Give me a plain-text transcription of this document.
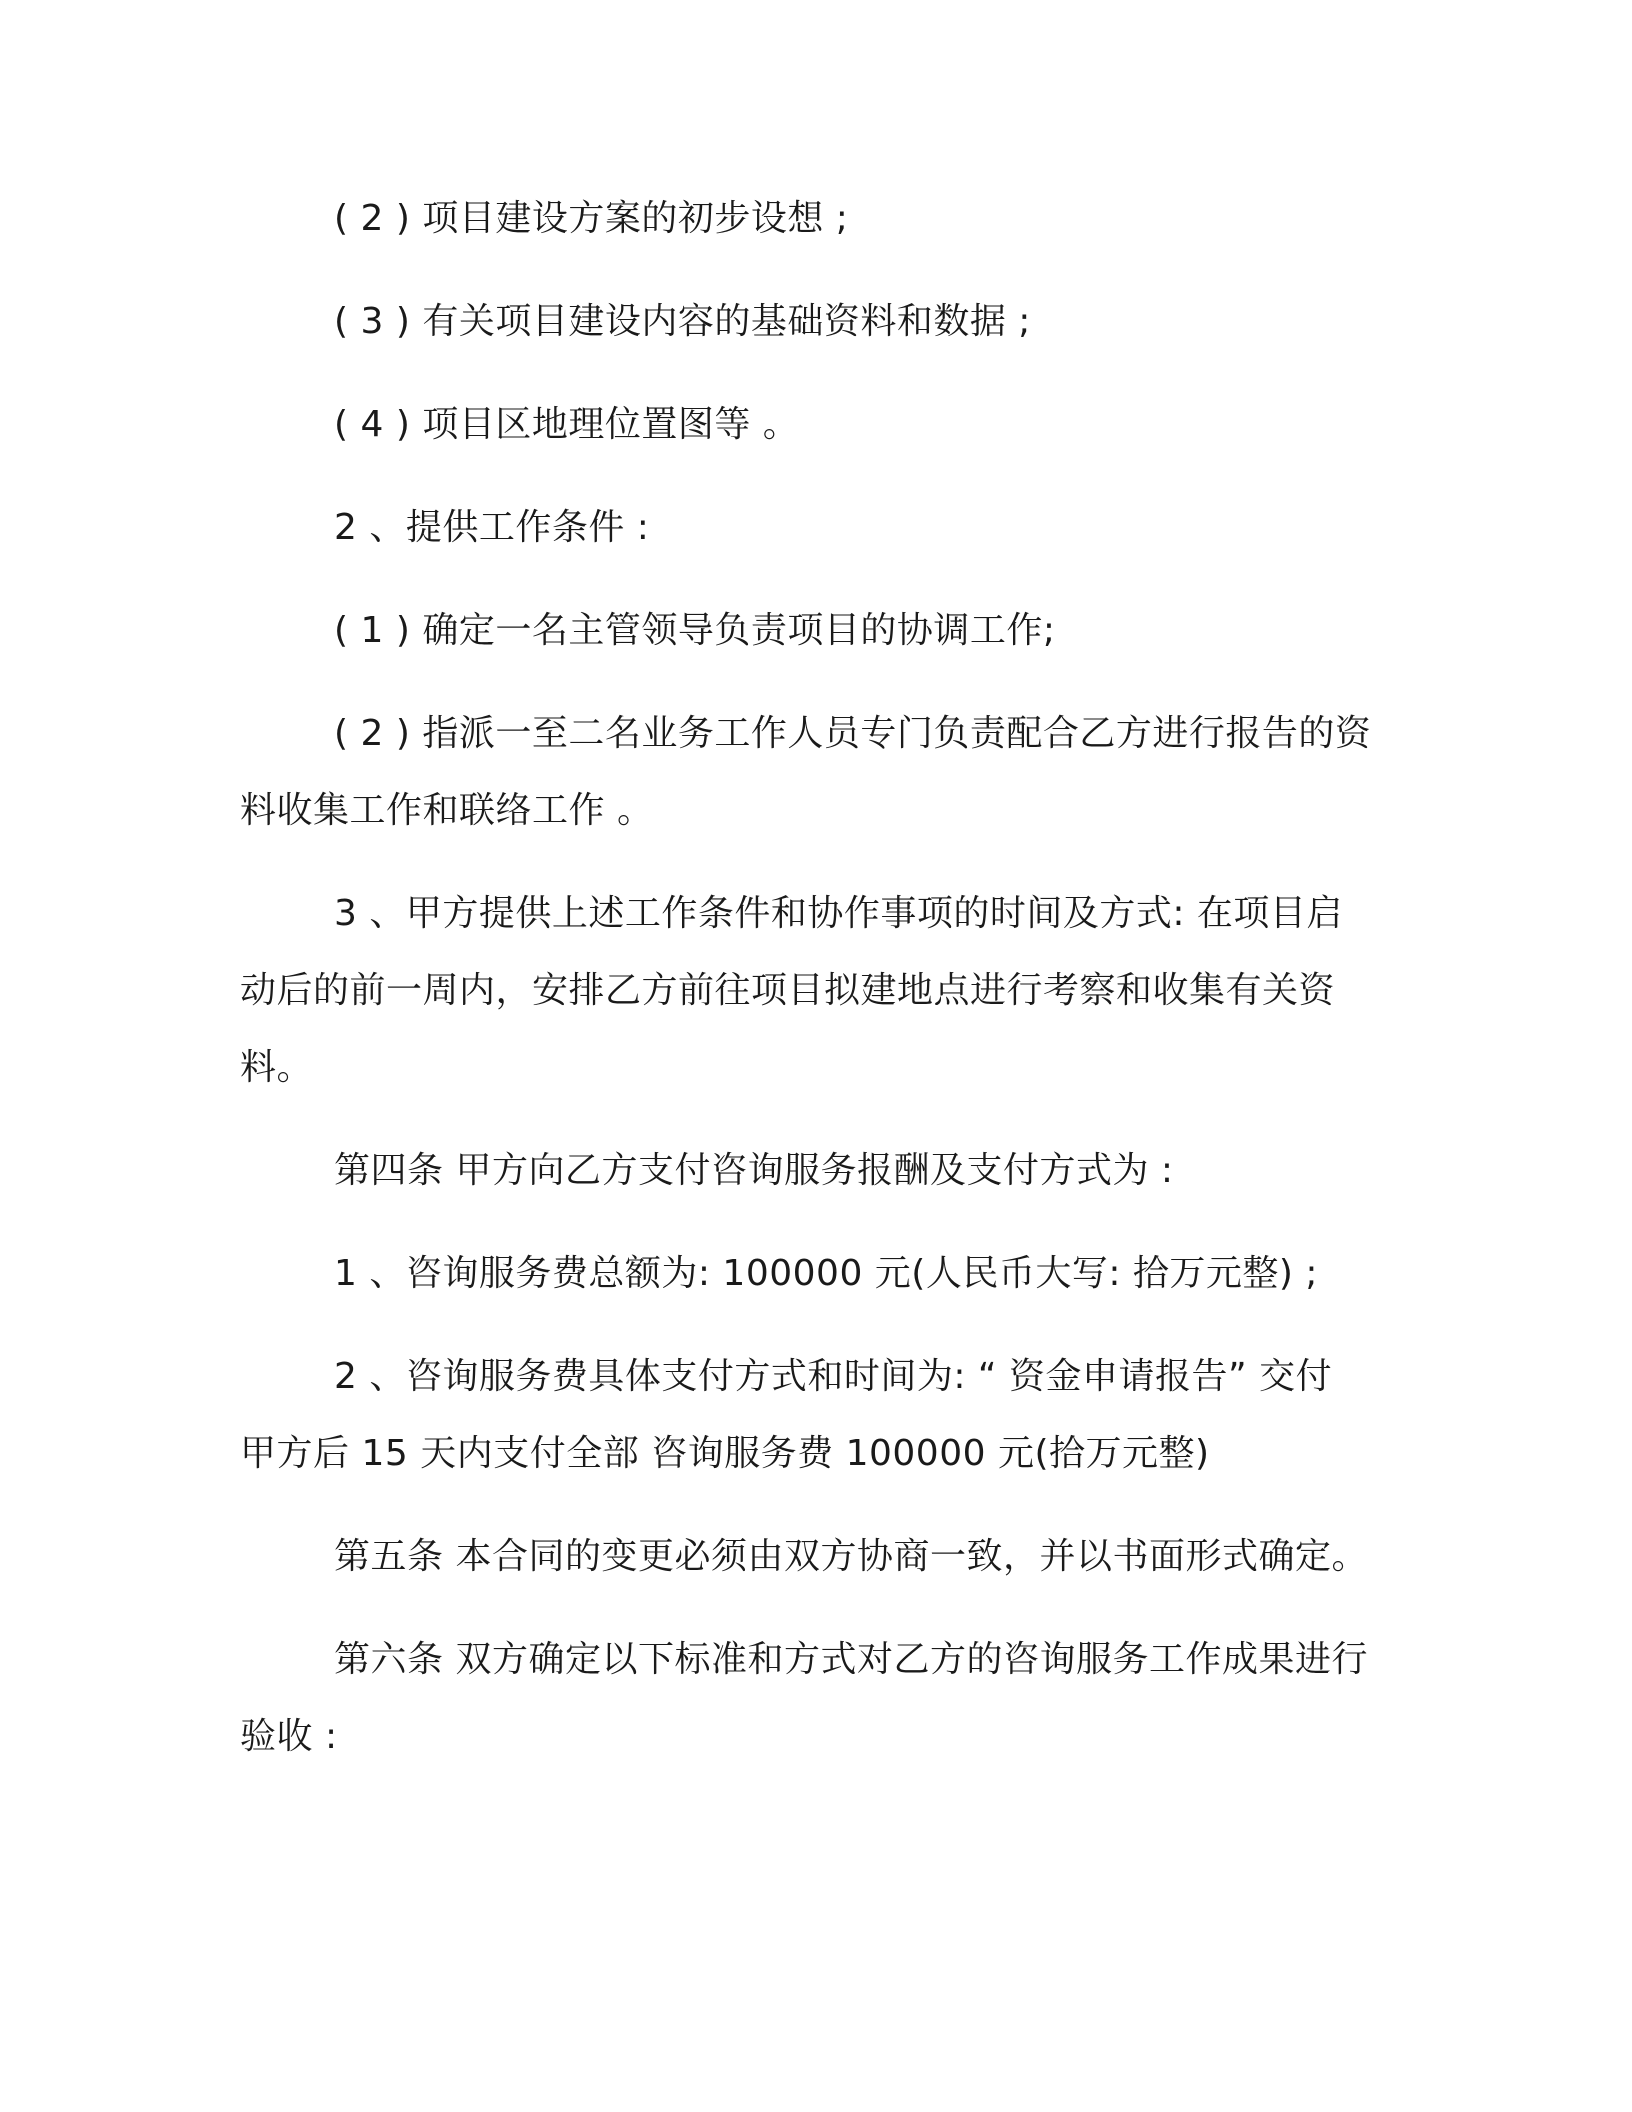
( 2 ) 项目建设方案的初步设想 ;

( 3 ) 有关项目建设内容的基础资料和数据 ;

( 4 ) 项目区地理位置图等 。

2 、提供工作条件 :

( 1 ) 确定一名主管领导负责项目的协调工作;

( 2 ) 指派一至二名业务工作人员专门负责配合乙方进行报告的资
料收集工作和联络工作 。

3 、甲方提供上述工作条件和协作事项的时间及方式: 在项目启
动后的前一周内，安排乙方前往项目拟建地点进行考察和收集有关资
料。

第四条 甲方向乙方支付咨询服务报酬及支付方式为 :

1 、咨询服务费总额为: 100000 元(人民币大写: 拾万元整) ;

2 、咨询服务费具体支付方式和时间为: “ 资金申请报告” 交付
甲方后 15 天内支付全部 咨询服务费 100000 元(拾万元整)

第五条 本合同的变更必须由双方协商一致，并以书面形式确定。

第六条 双方确定以下标准和方式对乙方的咨询服务工作成果进行
验收 :
